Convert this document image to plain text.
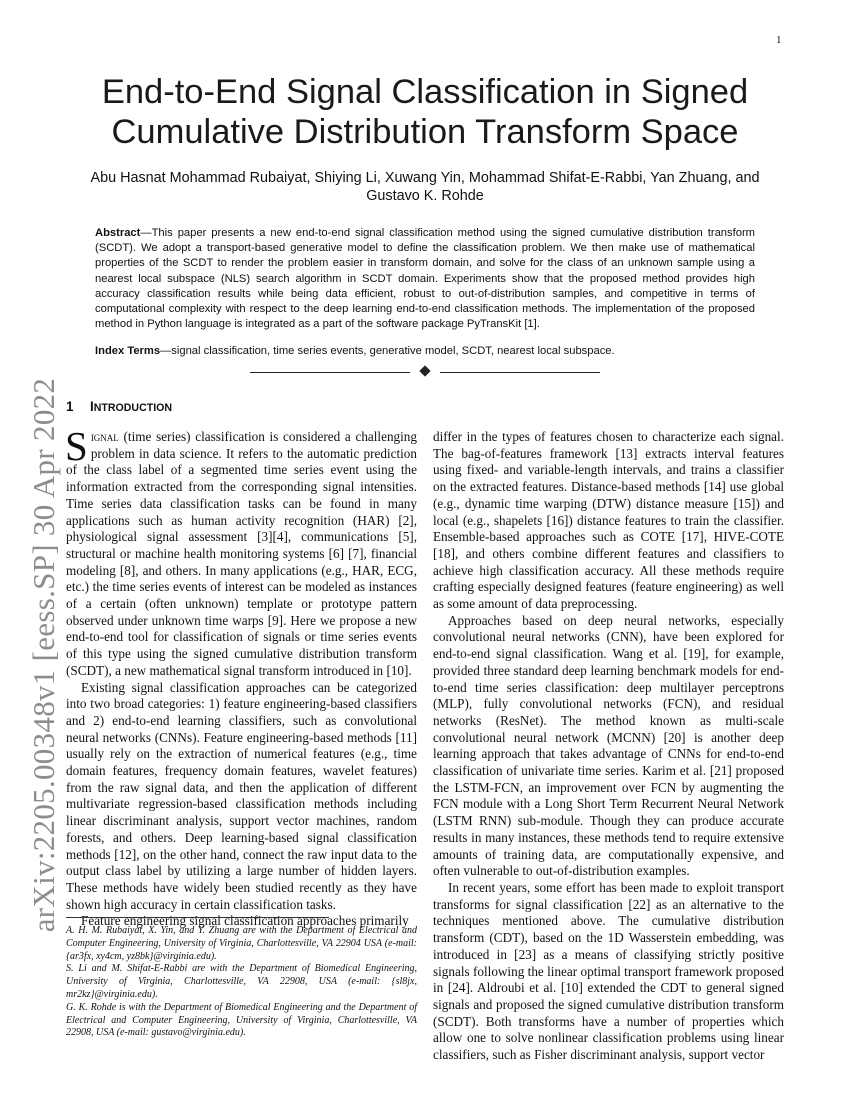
1
arXiv:2205.00348v1 [eess.SP] 30 Apr 2022
End-to-End Signal Classification in Signed Cumulative Distribution Transform Space
Abu Hasnat Mohammad Rubaiyat, Shiying Li, Xuwang Yin, Mohammad Shifat-E-Rabbi, Yan Zhuang, and Gustavo K. Rohde
Abstract—This paper presents a new end-to-end signal classification method using the signed cumulative distribution transform (SCDT). We adopt a transport-based generative model to define the classification problem. We then make use of mathematical properties of the SCDT to render the problem easier in transform domain, and solve for the class of an unknown sample using a nearest local subspace (NLS) search algorithm in SCDT domain. Experiments show that the proposed method provides high accuracy classification results while being data efficient, robust to out-of-distribution samples, and competitive in terms of computational complexity with respect to the deep learning end-to-end classification methods. The implementation of the proposed method in Python language is integrated as a part of the software package PyTransKit [1].
Index Terms—signal classification, time series events, generative model, SCDT, nearest local subspace.
1 INTRODUCTION

Signal (time series) classification is considered a challenging problem in data science. It refers to the automatic prediction of the class label of a segmented time series event using the information extracted from the corresponding signal intensities. Time series data classification tasks can be found in many applications such as human activity recognition (HAR) [2], physiological signal assessment [3][4], communications [5], structural or machine health monitoring systems [6] [7], financial modeling [8], and others. In many applications (e.g., HAR, ECG, etc.) the time series events of interest can be modeled as instances of a certain (often unknown) template or prototype pattern observed under unknown time warps [9]. Here we propose a new end-to-end tool for classification of signals or time series events of this type using the signed cumulative distribution transform (SCDT), a new mathematical signal transform introduced in [10].

Existing signal classification approaches can be categorized into two broad categories: 1) feature engineering-based classifiers and 2) end-to-end learning classifiers, such as convolutional neural networks (CNNs). Feature engineering-based methods [11] usually rely on the extraction of numerical features (e.g., time domain features, frequency domain features, wavelet features) from the raw signal data, and then the application of different multivariate regression-based classification methods including linear discriminant analysis, support vector machines, random forests, and others. Deep learning-based signal classification methods [12], on the other hand, connect the raw input data to the output class label by utilizing a large number of hidden layers. These methods have widely been studied recently as they have shown high accuracy in certain classification tasks.

Feature engineering signal classification approaches primarily

differ in the types of features chosen to characterize each signal. The bag-of-features framework [13] extracts interval features using fixed- and variable-length intervals, and trains a classifier on the extracted features. Distance-based methods [14] use global (e.g., dynamic time warping (DTW) distance measure [15]) and local (e.g., shapelets [16]) distance features to train the classifier. Ensemble-based approaches such as COTE [17], HIVE-COTE [18], and others combine different features and classifiers to achieve high classification accuracy. All these methods require crafting especially designed features (feature engineering) as well as some amount of data preprocessing.

Approaches based on deep neural networks, especially convolutional neural networks (CNN), have been explored for end-to-end signal classification. Wang et al. [19], for example, provided three standard deep learning benchmark models for end-to-end time series classification: deep multilayer perceptrons (MLP), fully convolutional networks (FCN), and residual networks (ResNet). The method known as multi-scale convolutional neural network (MCNN) [20] is another deep learning approach that takes advantage of CNNs for end-to-end classification of univariate time series. Karim et al. [21] proposed the LSTM-FCN, an improvement over FCN by augmenting the FCN module with a Long Short Term Recurrent Neural Network (LSTM RNN) sub-module. Though they can produce accurate results in many instances, these methods tend to require extensive amounts of training data, are computationally expensive, and often vulnerable to out-of-distribution examples.

In recent years, some effort has been made to exploit transport transforms for signal classification [22] as an alternative to the techniques mentioned above. The cumulative distribution transform (CDT), based on the 1D Wasserstein embedding, was introduced in [23] as a means of classifying strictly positive signals following the linear optimal transport framework proposed in [24]. Aldroubi et al. [10] extended the CDT to general signed signals and proposed the signed cumulative distribution transform (SCDT). Both transforms have a number of properties which allow one to solve nonlinear classification problems using linear classifiers, such as Fisher discriminant analysis, support vector

A. H. M. Rubaiyat, X. Yin, and Y. Zhuang are with the Department of Electrical and Computer Engineering, University of Virginia, Charlottesville, VA 22904 USA (e-mail: {ar3fx, xy4cm, yz8bk}@virginia.edu).

S. Li and M. Shifat-E-Rabbi are with the Department of Biomedical Engineering, University of Virginia, Charlottesville, VA 22908, USA (e-mail: {sl8jx, mr2kz}@virginia.edu).

G. K. Rohde is with the Department of Biomedical Engineering and the Department of Electrical and Computer Engineering, University of Virginia, Charlottesville, VA 22908, USA (e-mail: gustavo@virginia.edu).
